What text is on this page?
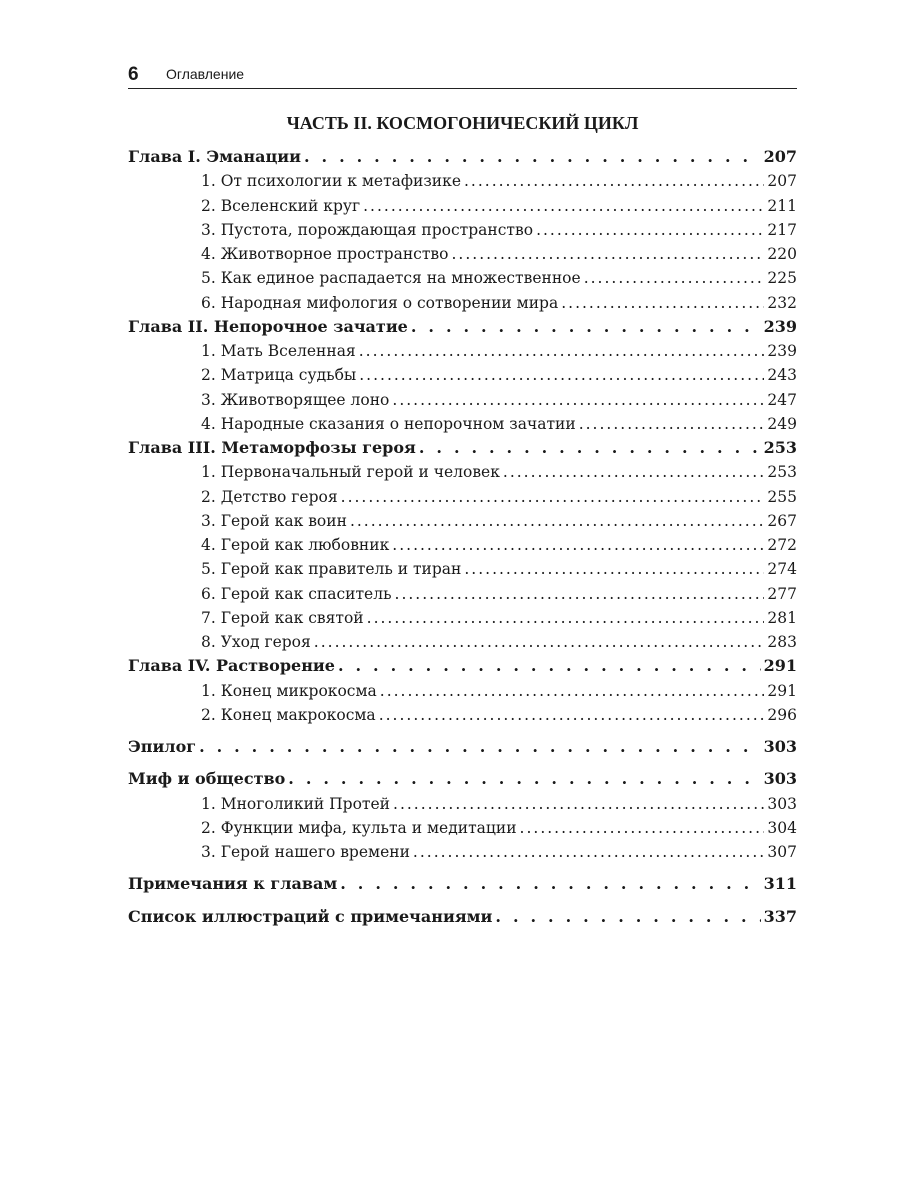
6 Оглавление
ЧАСТЬ II. КОСМОГОНИЧЕСКИЙ ЦИКЛ
Глава I. Эманации . . .	207
1. От психологии к метафизике .....	207
2. Вселенский круг .....	211
3. Пустота, порождающая пространство .....	217
4. Животворное пространство .....	220
5. Как единое распадается на множественное .....	225
6. Народная мифология о сотворении мира .....	232
Глава II. Непорочное зачатие . . .	239
1. Мать Вселенная .....	239
2. Матрица судьбы .....	243
3. Животворящее лоно .....	247
4. Народные сказания о непорочном зачатии .....	249
Глава III. Метаморфозы героя . . .	253
1. Первоначальный герой и человек .....	253
2. Детство героя .....	255
3. Герой как воин .....	267
4. Герой как любовник .....	272
5. Герой как правитель и тиран .....	274
6. Герой как спаситель .....	277
7. Герой как святой .....	281
8. Уход героя .....	283
Глава IV. Растворение . . .	291
1. Конец микрокосма .....	291
2. Конец макрокосма .....	296
Эпилог . . .	303
Миф и общество . . .	303
1. Многоликий Протей .....	303
2. Функции мифа, культа и медитации .....	304
3. Герой нашего времени .....	307
Примечания к главам . . .	311
Список иллюстраций с примечаниями . . .	337
